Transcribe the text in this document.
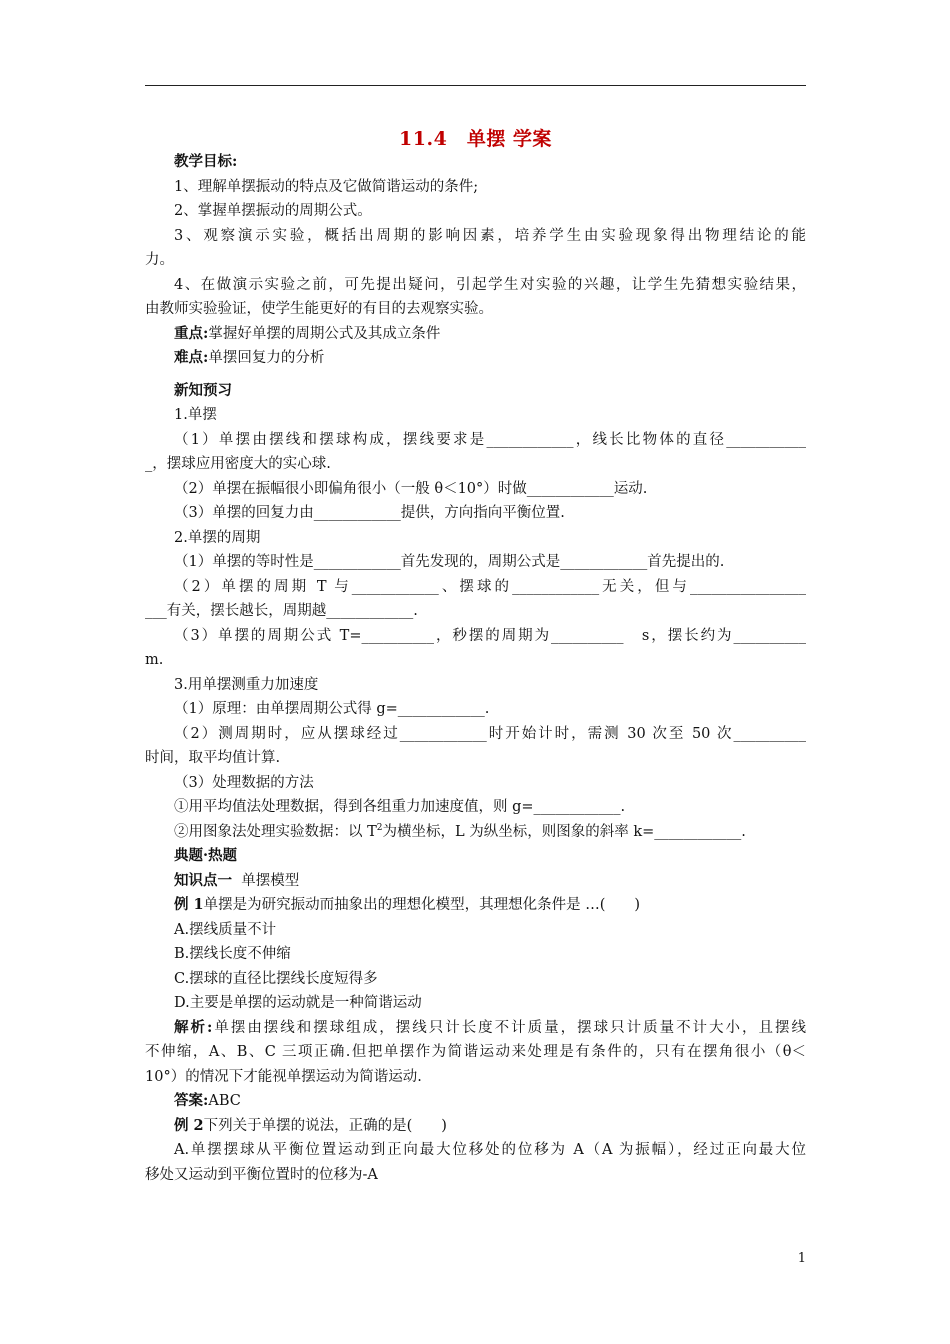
11.4　单摆 学案

教学目标:

1、理解单摆振动的特点及它做简谐运动的条件;

2、掌握单摆振动的周期公式。

3、观察演示实验，概括出周期的影响因素，培养学生由实验现象得出物理结论的能

力。

4、在做演示实验之前，可先提出疑问，引起学生对实验的兴趣，让学生先猜想实验结果，

由教师实验验证，使学生能更好的有目的去观察实验。

重点:掌握好单摆的周期公式及其成立条件

难点:单摆回复力的分析

新知预习

1.单摆

（1）单摆由摆线和摆球构成，摆线要求是____________，线长比物体的直径___________

_，摆球应用密度大的实心球.

（2）单摆在振幅很小即偏角很小（一般 θ＜10°）时做____________运动.

（3）单摆的回复力由____________提供，方向指向平衡位置.

2.单摆的周期

（1）单摆的等时性是____________首先发现的，周期公式是____________首先提出的.

（2）单摆的周期 T 与____________、摆球的____________无关，但与________________

___有关，摆长越长，周期越____________.

（3）单摆的周期公式 T=__________，秒摆的周期为__________　s，摆长约为__________

m.

3.用单摆测重力加速度

（1）原理：由单摆周期公式得 g=____________.

（2）测周期时，应从摆球经过____________时开始计时，需测 30 次至 50 次__________

时间，取平均值计算.

（3）处理数据的方法

①用平均值法处理数据，得到各组重力加速度值，则 g=____________.

②用图象法处理实验数据：以 $T^2$为横坐标，L 为纵坐标，则图象的斜率 k=____________.

典题·热题

知识点一 单摆模型

例 1单摆是为研究振动而抽象出的理想化模型，其理想化条件是 …(　　)

A.摆线质量不计

B.摆线长度不伸缩

C.摆球的直径比摆线长度短得多

D.主要是单摆的运动就是一种简谐运动

解析:单摆由摆线和摆球组成，摆线只计长度不计质量，摆球只计质量不计大小，且摆线

不伸缩，A、B、C 三项正确.但把单摆作为简谐运动来处理是有条件的，只有在摆角很小（θ＜

10°）的情况下才能视单摆运动为简谐运动.

答案:ABC

例 2下列关于单摆的说法，正确的是(　　)

A.单摆摆球从平衡位置运动到正向最大位移处的位移为 A（A 为振幅），经过正向最大位

移处又运动到平衡位置时的位移为-A

1
